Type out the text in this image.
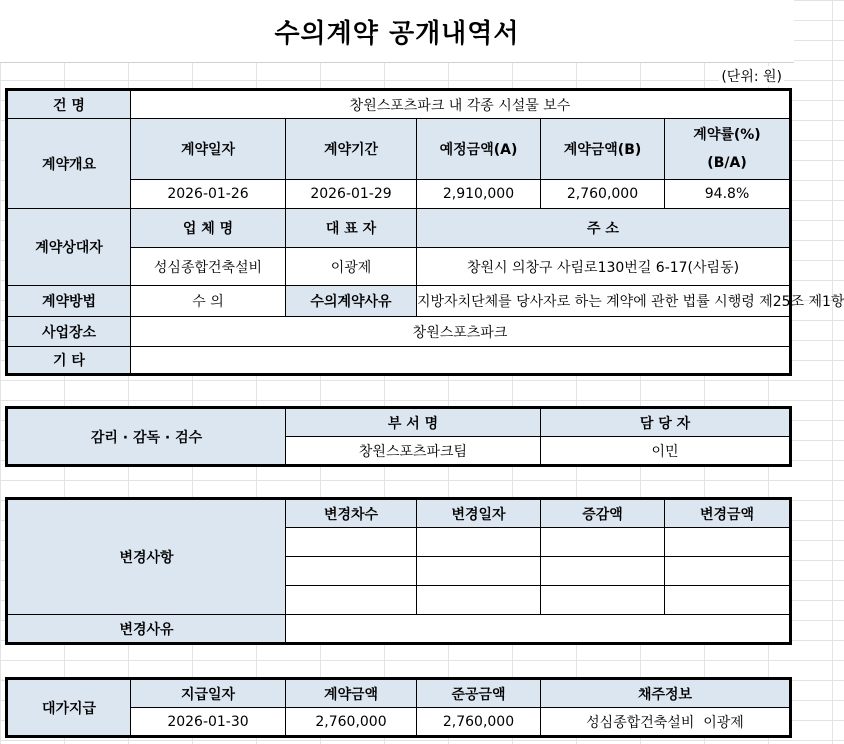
수의계약 공개내역서
(단위: 원)
건 명	창원스포츠파크 내 각종 시설물 보수				
계약개요	계약일자	계약기간	예정금액(A)	계약금액(B)	계약률(%)
(B/A)

	2026-01-26	2026-01-29	2,910,000	2,760,000	94.8%
계약상대자	업 체 명	대 표 자	주 소		
	성심종합건축설비	이광제	창원시 의창구 사림로130번길 6-17(사림동)		
계약방법	수 의	수의계약사유	지방자치단체를 당사자로 하는 계약에 관한 법률 시행령 제25조 제1항		
사업장소	창원스포츠파크				
기 타					
감리 · 감독 · 검수	부 서 명	담 당 자
	창원스포츠파크팀	이민
변경사항	변경차수	변경일자	증감액	변경금액

변경사유				
대가지급	지급일자	계약금액	준공금액	채주정보
	2026-01-30	2,760,000	2,760,000	성심종합건축설비  이광제
